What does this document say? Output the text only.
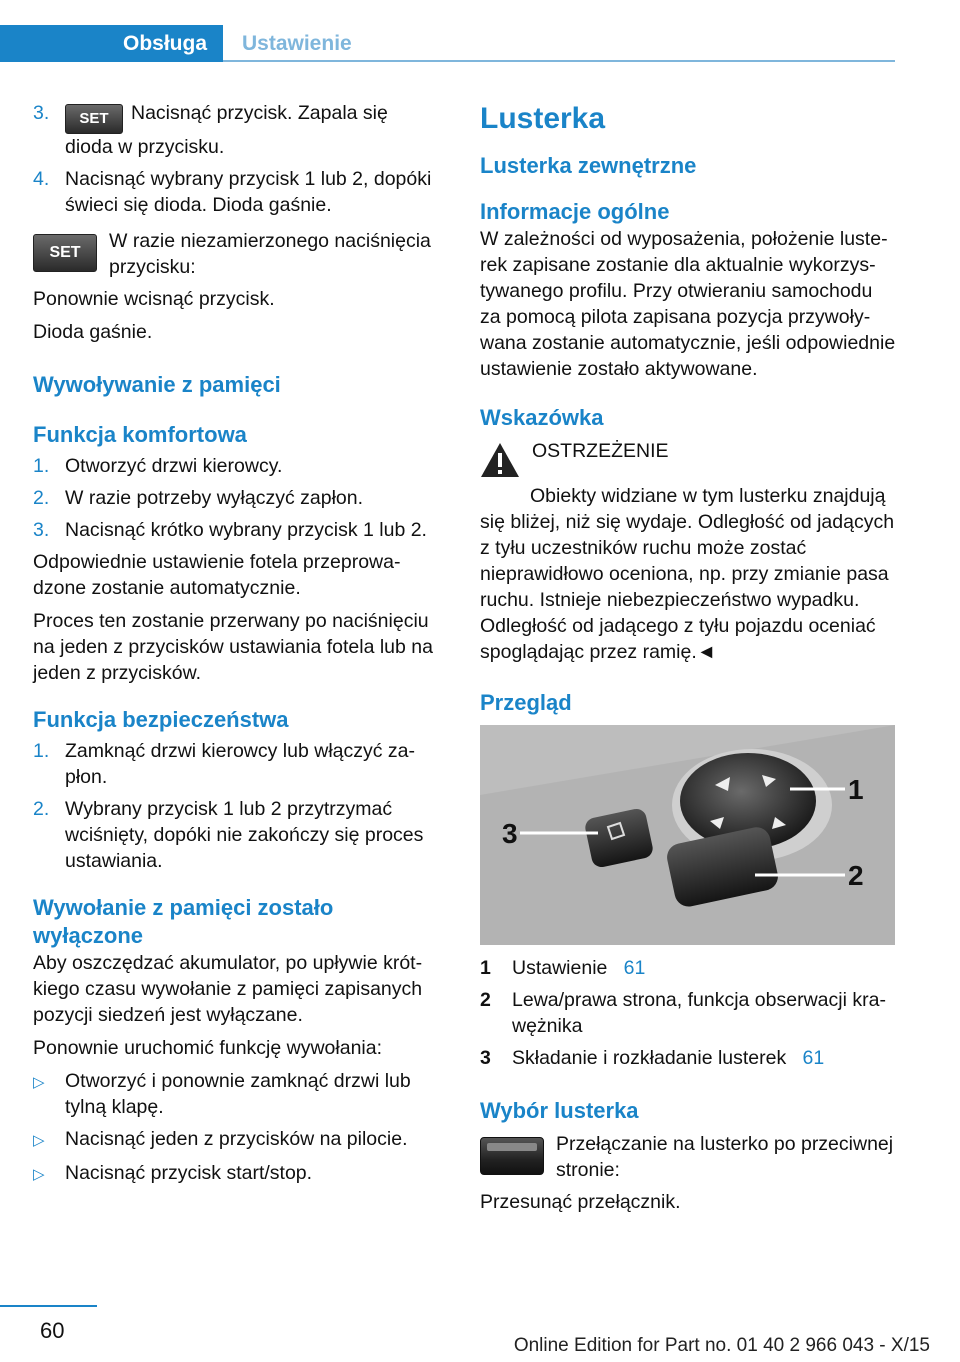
Obsługa Ustawienie
3.	SET Nacisnąć przycisk. Zapala się dioda w przycisku.
4. Nacisnąć wybrany przycisk 1 lub 2, dopóki świeci się dioda. Dioda gaśnie.
SET
W razie niezamierzonego naciśnięcia przycisku:

Ponownie wcisnąć przycisk.

Dioda gaśnie.

Wywoływanie z pamięci
Funkcja komfortowa
1. Otworzyć drzwi kierowcy.
2. W razie potrzeby wyłączyć zapłon.
3. Nacisnąć krótko wybrany przycisk 1 lub 2.

Odpowiednie ustawienie fotela przeprowadzone zostanie automatycznie.

Proces ten zostanie przerwany po naciśnięciu na jeden z przycisków ustawiania fotela lub na jeden z przycisków.

Funkcja bezpieczeństwa
1. Zamknąć drzwi kierowcy lub włączyć zapłon.
2. Wybrany przycisk 1 lub 2 przytrzymać wciśnięty, dopóki nie zakończy się proces ustawiania.
Wywołanie z pamięci zostało wyłączone

Aby oszczędzać akumulator, po upływie krótkiego czasu wywołanie z pamięci zapisanych pozycji siedzeń jest wyłączane.

Ponownie uruchomić funkcję wywołania:

▷	Otworzyć i ponownie zamknąć drzwi lub tylną klapę.
▷	Nacisnąć jeden z przycisków na pilocie.
▷	Nacisnąć przycisk start/stop.
Lusterka
Lusterka zewnętrzne
Informacje ogólne

W zależności od wyposażenia, położenie lusterek zapisane zostanie dla aktualnie wykorzystywanego profilu. Przy otwieraniu samochodu za pomocą pilota zapisana pozycja przywoływana zostanie automatycznie, jeśli odpowiednie ustawienie zostało aktywowane.

Wskazówka
OSTRZEŻENIE

Obiekty widziane w tym lusterku znajdują się bliżej, niż się wydaje. Odległość od jadących z tyłu uczestników ruchu może zostać nieprawidłowo oceniona, np. przy zmianie pasa ruchu. Istnieje niebezpieczeństwo wypadku. Odległość od jadącego z tyłu pojazdu oceniać spoglądając przez ramię.◄

Przegląd
1
2
3
1	Ustawienie 61
2	Lewa/prawa strona, funkcja obserwacji krawężnika
3	Składanie i rozkładanie lusterek 61
Wybór lusterka
Przełączanie na lusterko po przeciwnej stronie:

Przesunąć przełącznik.

60
Online Edition for Part no. 01 40 2 966 043 - X/15
